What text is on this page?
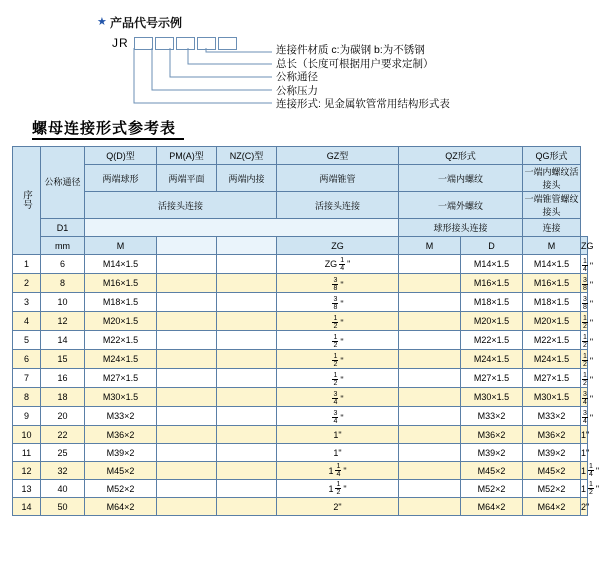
★ 产品代号示例
JR	连接件材质 c:为碳钢 b:为不锈钢
总长（长度可根据用户要求定制）
公称通径
公称压力
连接形式: 见金属软管常用结构形式表
螺母连接形式参考表
序号	公称通径	Q(D)型	PM(A)型	NZ(C)型	GZ型	QZ形式		QG形式	
		两端球形	两端平面	两端内接	两端锥管	一端内螺纹		一端内螺纹活接头	
		活接头连接			活接头连接	一端外螺纹		一端锥管螺纹接头	
	D1					球形接头连接		连接	
	mm	M			ZG	M	D	M	ZG
1	6	M14×1.5			ZG $\frac{1}{4}$ "		M14×1.5	M14×1.5	$\frac{1}{4}$ "
2	8	M16×1.5			$\frac{3}{8}$ "		M16×1.5	M16×1.5	$\frac{3}{8}$ "
3	10	M18×1.5			$\frac{3}{8}$ "		M18×1.5	M18×1.5	$\frac{3}{8}$ "
4	12	M20×1.5			$\frac{1}{2}$ "		M20×1.5	M20×1.5	$\frac{1}{2}$ "
5	14	M22×1.5			$\frac{1}{2}$ "		M22×1.5	M22×1.5	$\frac{1}{2}$ "
6	15	M24×1.5			$\frac{1}{2}$ "		M24×1.5	M24×1.5	$\frac{1}{2}$ "
7	16	M27×1.5			$\frac{1}{2}$ "		M27×1.5	M27×1.5	$\frac{1}{2}$ "
8	18	M30×1.5			$\frac{3}{4}$ "		M30×1.5	M30×1.5	$\frac{3}{4}$ "
9	20	M33×2			$\frac{3}{4}$ "		M33×2	M33×2	$\frac{3}{4}$ "
10	22	M36×2			1"		M36×2	M36×2	1"
11	25	M39×2			1"		M39×2	M39×2	1"
12	32	M45×2			$1 \frac{1}{4}$ "		M45×2	M45×2	$1 \frac{1}{4}$ "
13	40	M52×2			$1 \frac{1}{2}$ "		M52×2	M52×2	$1 \frac{1}{2}$ "
14	50	M64×2			2"		M64×2	M64×2	2"
